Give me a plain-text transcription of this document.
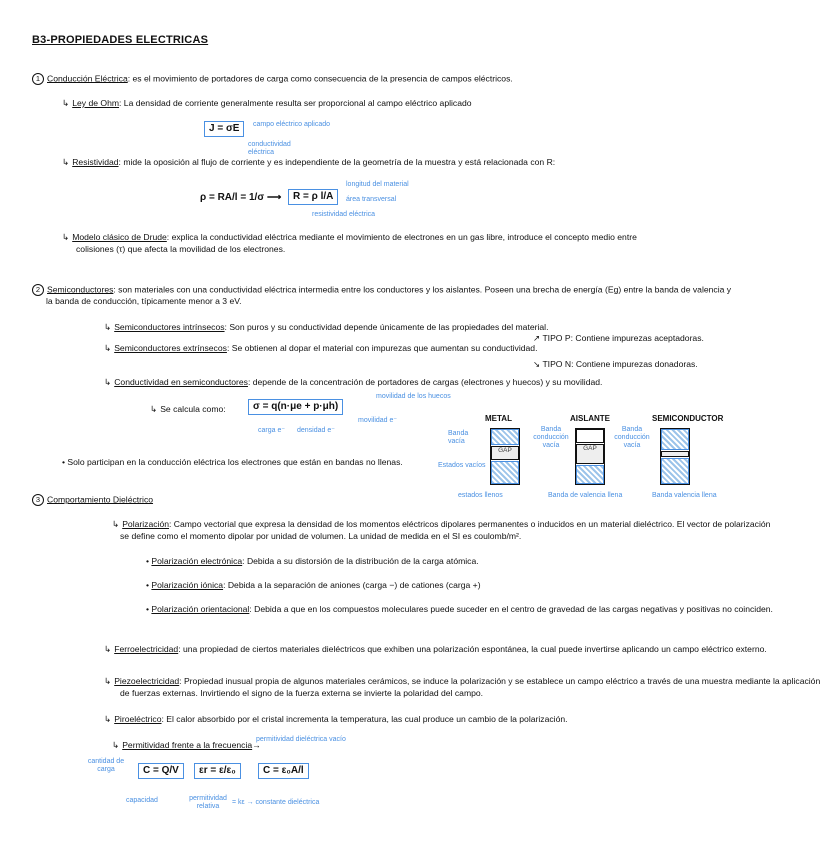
B3-PROPIEDADES ELECTRICAS
1 Conducción Eléctrica: es el movimiento de portadores de carga como consecuencia de la presencia de campos eléctricos.
↳ Ley de Ohm: La densidad de corriente generalmente resulta ser proporcional al campo eléctrico aplicado
J = σE	campo eléctrico aplicado
conductividad eléctrica
↳ Resistividad: mide la oposición al flujo de corriente y es independiente de la geometría de la muestra y está relacionada con R:
ρ = RA/l = 1/σ ⟶	R = ρ l/A
longitud del material
área transversal
resistividad eléctrica
↳ Modelo clásico de Drude: explica la conductividad eléctrica mediante el movimiento de electrones en un gas libre, introduce el concepto medio entre
colisiones (τ) que afecta la movilidad de los electrones.
2 Semiconductores: son materiales con una conductividad eléctrica intermedia entre los conductores y los aislantes. Poseen una brecha de energía (Eg) entre la banda de valencia y
la banda de conducción, típicamente menor a 3 eV.
↳ Semiconductores intrínsecos: Son puros y su conductividad depende únicamente de las propiedades del material.
↳ Semiconductores extrínsecos: Se obtienen al dopar el material con impurezas que aumentan su conductividad.
↗ TIPO P: Contiene impurezas aceptadoras.
↘ TIPO N: Contiene impurezas donadoras.
↳ Conductividad en semiconductores: depende de la concentración de portadores de cargas (electrones y huecos) y su movilidad.
↳ Se calcula como:	σ = q(n·μe + p·μh)
movilidad de los huecos
movilidad e⁻
carga e⁻ densidad e⁻
• Solo participan en la conducción eléctrica los electrones que están en bandas no llenas.
METAL	AISLANTE	SEMICONDUCTOR
GAP	GAP
Banda vacía
Estados vacíos
estados llenos
Banda conducción vacía
Banda de valencia llena
Banda conducción vacía
Banda valencia llena
3 Comportamiento Dieléctrico
↳ Polarización: Campo vectorial que expresa la densidad de los momentos eléctricos dipolares permanentes o inducidos en un material dieléctrico. El vector de polarización
se define como el momento dipolar por unidad de volumen. La unidad de medida en el SI es coulomb/m².
• Polarización electrónica: Debida a su distorsión de la distribución de la carga atómica.
• Polarización iónica: Debida a la separación de aniones (carga −) de cationes (carga +)
• Polarización orientacional: Debida a que en los compuestos moleculares puede suceder en el centro de gravedad de las cargas negativas y positivas no coinciden.
↳ Ferroelectricidad: una propiedad de ciertos materiales dieléctricos que exhiben una polarización espontánea, la cual puede invertirse aplicando un campo eléctrico externo.
↳ Piezoelectricidad: Propiedad inusual propia de algunos materiales cerámicos, se induce la polarización y se establece un campo eléctrico a través de una muestra mediante la aplicación
de fuerzas externas. Invirtiendo el signo de la fuerza externa se invierte la polaridad del campo.
↳ Piroeléctrico: El calor absorbido por el cristal incrementa la temperatura, las cual produce un cambio de la polarización.
↳ Permitividad frente a la frecuencia→
permitividad dieléctrica vacío
cantidad de carga	C = Q/V	εr = ε/ε₀	C = ε₀A/l
capacidad	permitividad relativa
= kε → constante dieléctrica
